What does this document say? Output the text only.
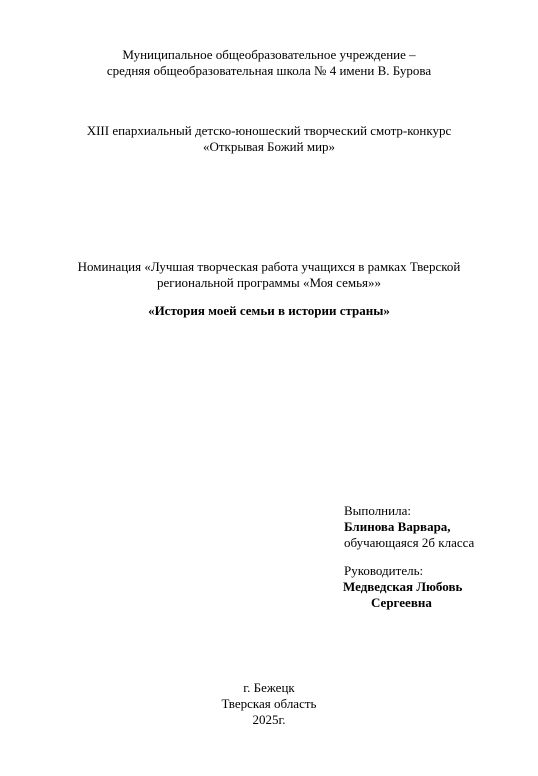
Муниципальное общеобразовательное учреждение –
средняя общеобразовательная школа № 4 имени В. Бурова
XIII епархиальный детско-юношеский творческий смотр-конкурс
«Открывая Божий мир»
Номинация «Лучшая творческая работа учащихся в рамках Тверской
региональной программы «Моя семья»»
«История моей семьи в истории страны»
Выполнила:
Блинова Варвара,
обучающаяся 2б класса
Руководитель:
Медведская Любовь
Сергеевна
г. Бежецк
Тверская область
2025г.
